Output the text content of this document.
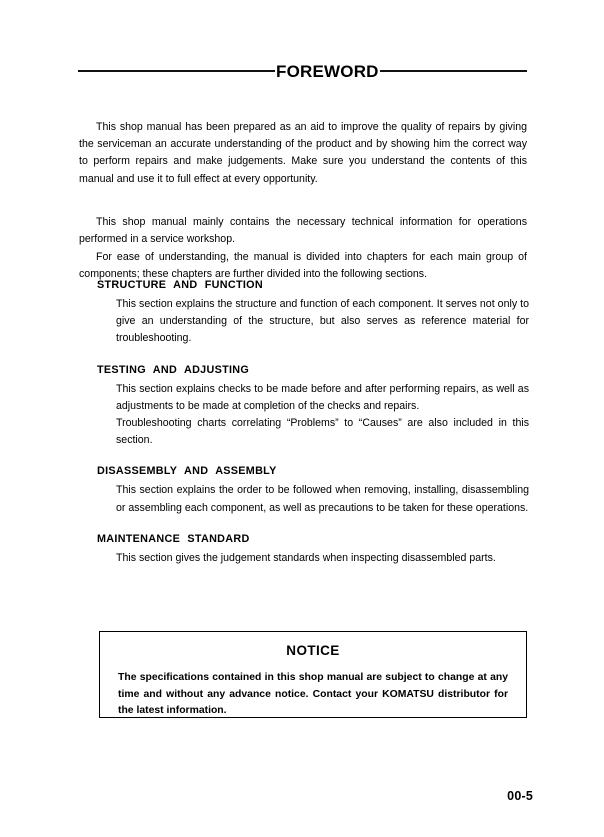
FOREWORD

This shop manual has been prepared as an aid to improve the quality of repairs by giving the serviceman an accurate understanding of the product and by showing him the correct way to perform repairs and make judgements. Make sure you understand the contents of this manual and use it to full effect at every opportunity.

This shop manual mainly contains the necessary technical information for operations performed in a service workshop.

For ease of understanding, the manual is divided into chapters for each main group of components; these chapters are further divided into the following sections.

STRUCTURE AND FUNCTION

This section explains the structure and function of each component. It serves not only to give an understanding of the structure, but also serves as reference material for troubleshooting.

TESTING AND ADJUSTING

This section explains checks to be made before and after performing repairs, as well as adjustments to be made at completion of the checks and repairs.

Troubleshooting charts correlating “Problems” to “Causes” are also included in this section.

DISASSEMBLY AND ASSEMBLY

This section explains the order to be followed when removing, installing, disassembling or assembling each component, as well as precautions to be taken for these operations.

MAINTENANCE STANDARD

This section gives the judgement standards when inspecting disassembled parts.

NOTICE

The specifications contained in this shop manual are subject to change at any time and without any advance notice. Contact your KOMATSU distributor for the latest information.

00-5
